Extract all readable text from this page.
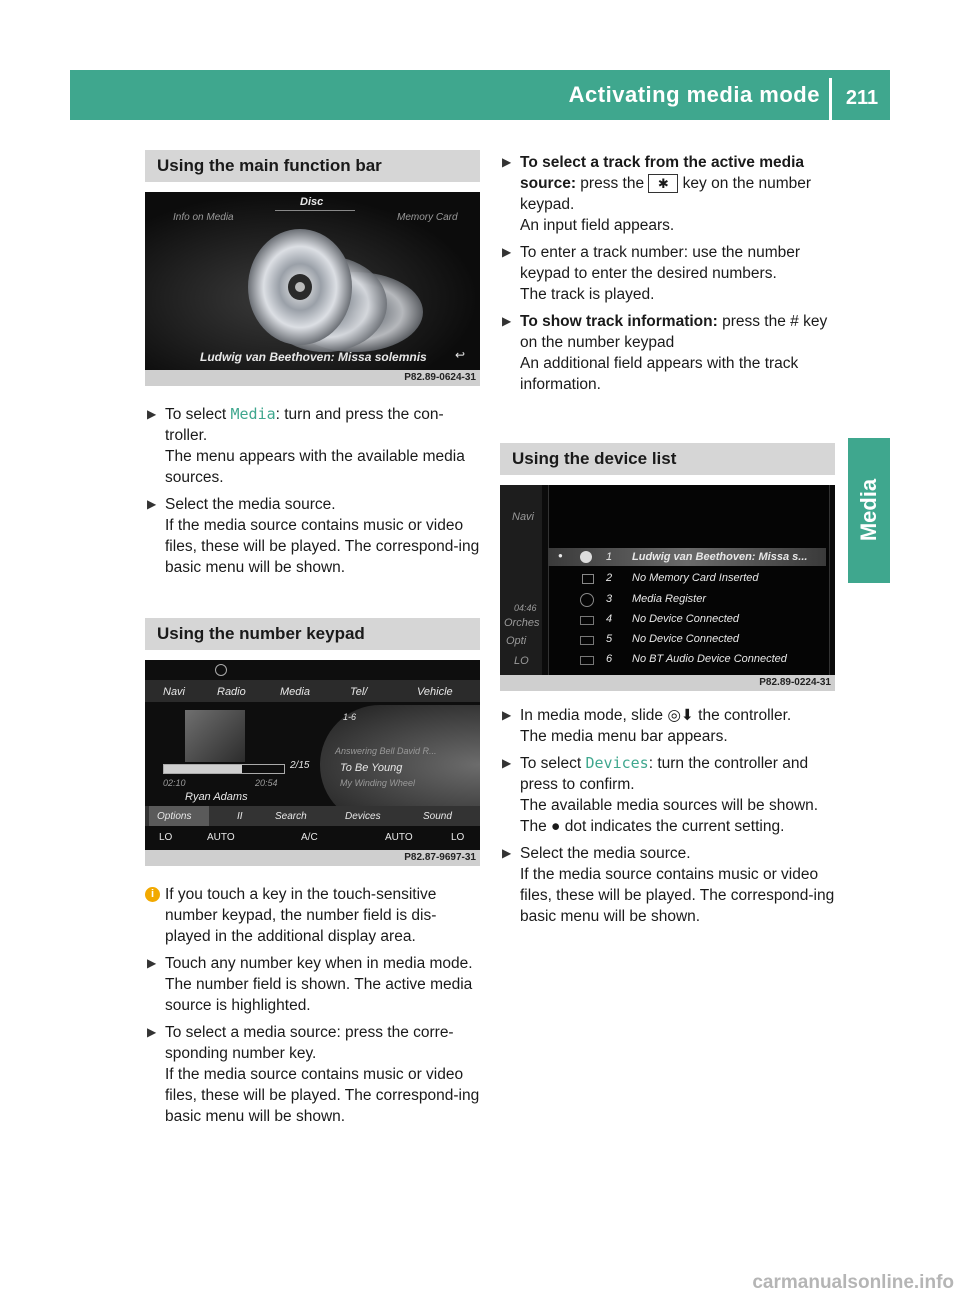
Activating media mode	211
Media
Using the main function bar
Disc
Info on Media	Memory Card
Ludwig van Beethoven: Missa solemnis ↩
P82.89-0624-31
▶ To select Media: turn and press the con-
troller.

The menu appears with the available media sources.

▶ Select the media source.

If the media source contains music or video files, these will be played. The correspond-ing basic menu will be shown.

Using the number keypad
Navi	Radio	Media	Tel/	Vehicle
2/15
02:10	20:54
Ryan Adams
1-6
Answering Bell David R...
To Be Young
My Winding Wheel
Options	II	Search	Devices	Sound
LO	AUTO	A/C	AUTO	LO
P82.87-9697-31
i If you touch a key in the touch-sensitive number keypad, the number field is dis-played in the additional display area.

▶ Touch any number key when in media mode.

The number field is shown. The active media source is highlighted.

▶ To select a media source: press the corre-sponding number key.

If the media source contains music or video files, these will be played. The correspond-ing basic menu will be shown.

▶ To select a track from the active media source: press the ✱ key on the number keypad.

An input field appears.

▶ To enter a track number: use the number keypad to enter the desired numbers.

The track is played.

▶ To show track information: press the # key on the number keypad

An additional field appears with the track information.

Using the device list
Navi
04:46
Orches
Opti
LO
●	1 Ludwig van Beethoven: Missa s...
2 No Memory Card Inserted
3 Media Register
4 No Device Connected
5 No Device Connected
6 No BT Audio Device Connected
P82.89-0224-31
▶ In media mode, slide ◎⬇ the controller.

The media menu bar appears.

▶ To select Devices: turn the controller and press to confirm.

The available media sources will be shown.

The ● dot indicates the current setting.

▶ Select the media source.

If the media source contains music or video files, these will be played. The correspond-ing basic menu will be shown.

carmanualsonline.info
